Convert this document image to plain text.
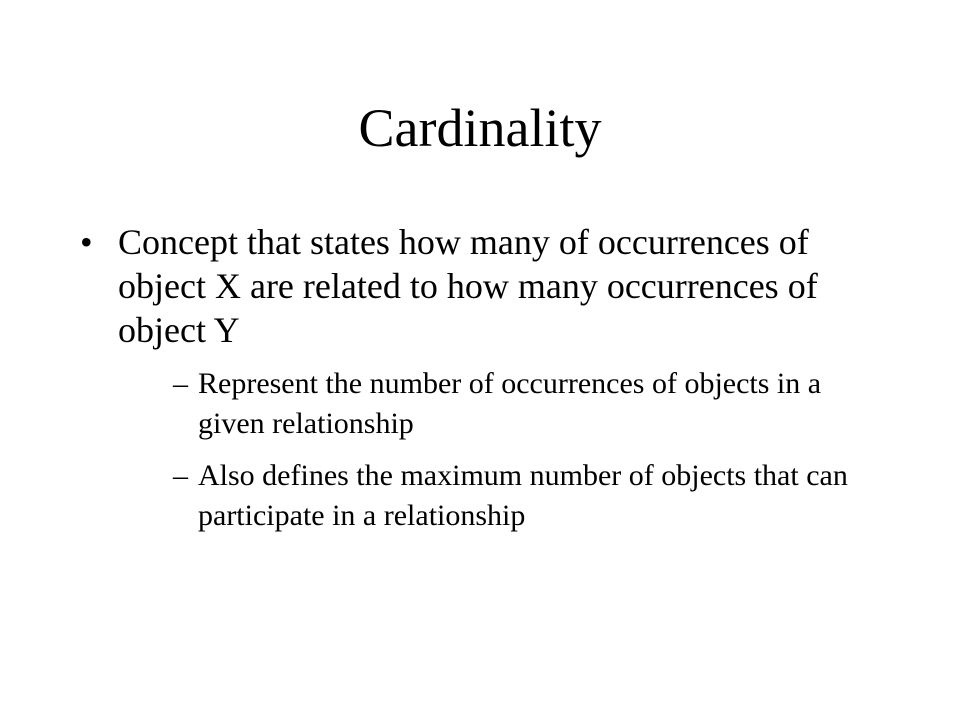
Cardinality
• Concept that states how many of occurrences of object X are related to how many occurrences of object Y
– Represent the number of occurrences of objects in a given relationship
– Also defines the maximum number of objects that can participate in a relationship
